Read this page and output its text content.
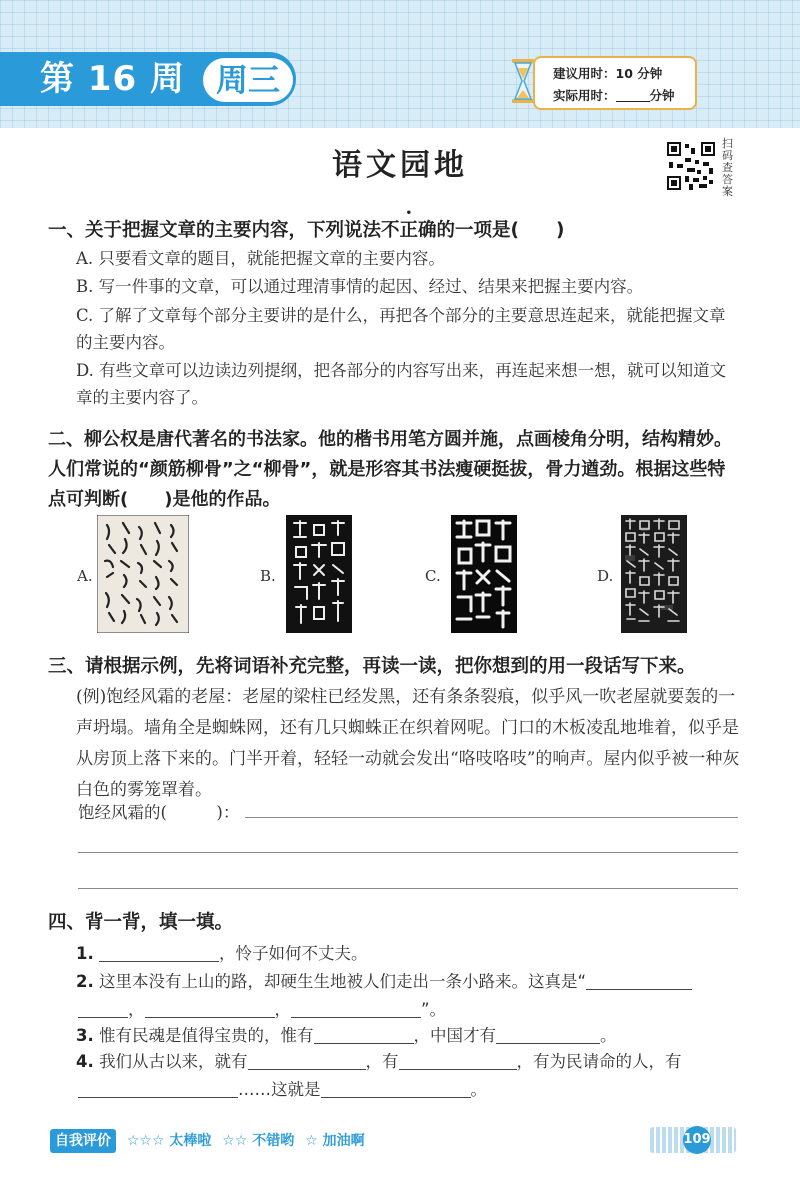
第 16 周 周三	建议用时：10 分钟
实际用时：	分钟
语文园地
扫码查答案
一、关于把握文章的主要内容，下列说法不正确的一项是(　　)
A. 只要看文章的题目，就能把握文章的主要内容。
B. 写一件事的文章，可以通过理清事情的起因、经过、结果来把握主要内容。
C. 了解了文章每个部分主要讲的是什么，再把各个部分的主要意思连起来，就能把握文章的主要内容。
D. 有些文章可以边读边列提纲，把各部分的内容写出来，再连起来想一想，就可以知道文章的主要内容了。
二、柳公权是唐代著名的书法家。他的楷书用笔方圆并施，点画棱角分明，结构精妙。人们常说的“颜筋柳骨”之“柳骨”，就是形容其书法瘦硬挺拔，骨力遒劲。根据这些特点可判断(　　)是他的作品。
A.	B.	C.	D.
三、请根据示例，先将词语补充完整，再读一读，把你想到的用一段话写下来。
(例)饱经风霜的老屋：老屋的梁柱已经发黑，还有条条裂痕，似乎风一吹老屋就要轰的一声坍塌。墙角全是蜘蛛网，还有几只蜘蛛正在织着网呢。门口的木板凌乱地堆着，似乎是从房顶上落下来的。门半开着，轻轻一动就会发出“咯吱咯吱”的响声。屋内似乎被一种灰白色的雾笼罩着。
饱经风霜的(　　　)：
四、背一背，填一填。
1.	，怜子如何不丈夫。
2. 这里本没有上山的路，却硬生生地被人们走出一条小路来。这真是“
，	，	”。
3. 惟有民魂是值得宝贵的，惟有	，中国才有	。
4. 我们从古以来，就有	，有	，有为民请命的人，有
……这就是	。
自我评价 ☆☆☆ 太棒啦 ☆☆ 不错哟 ☆ 加油啊	109
